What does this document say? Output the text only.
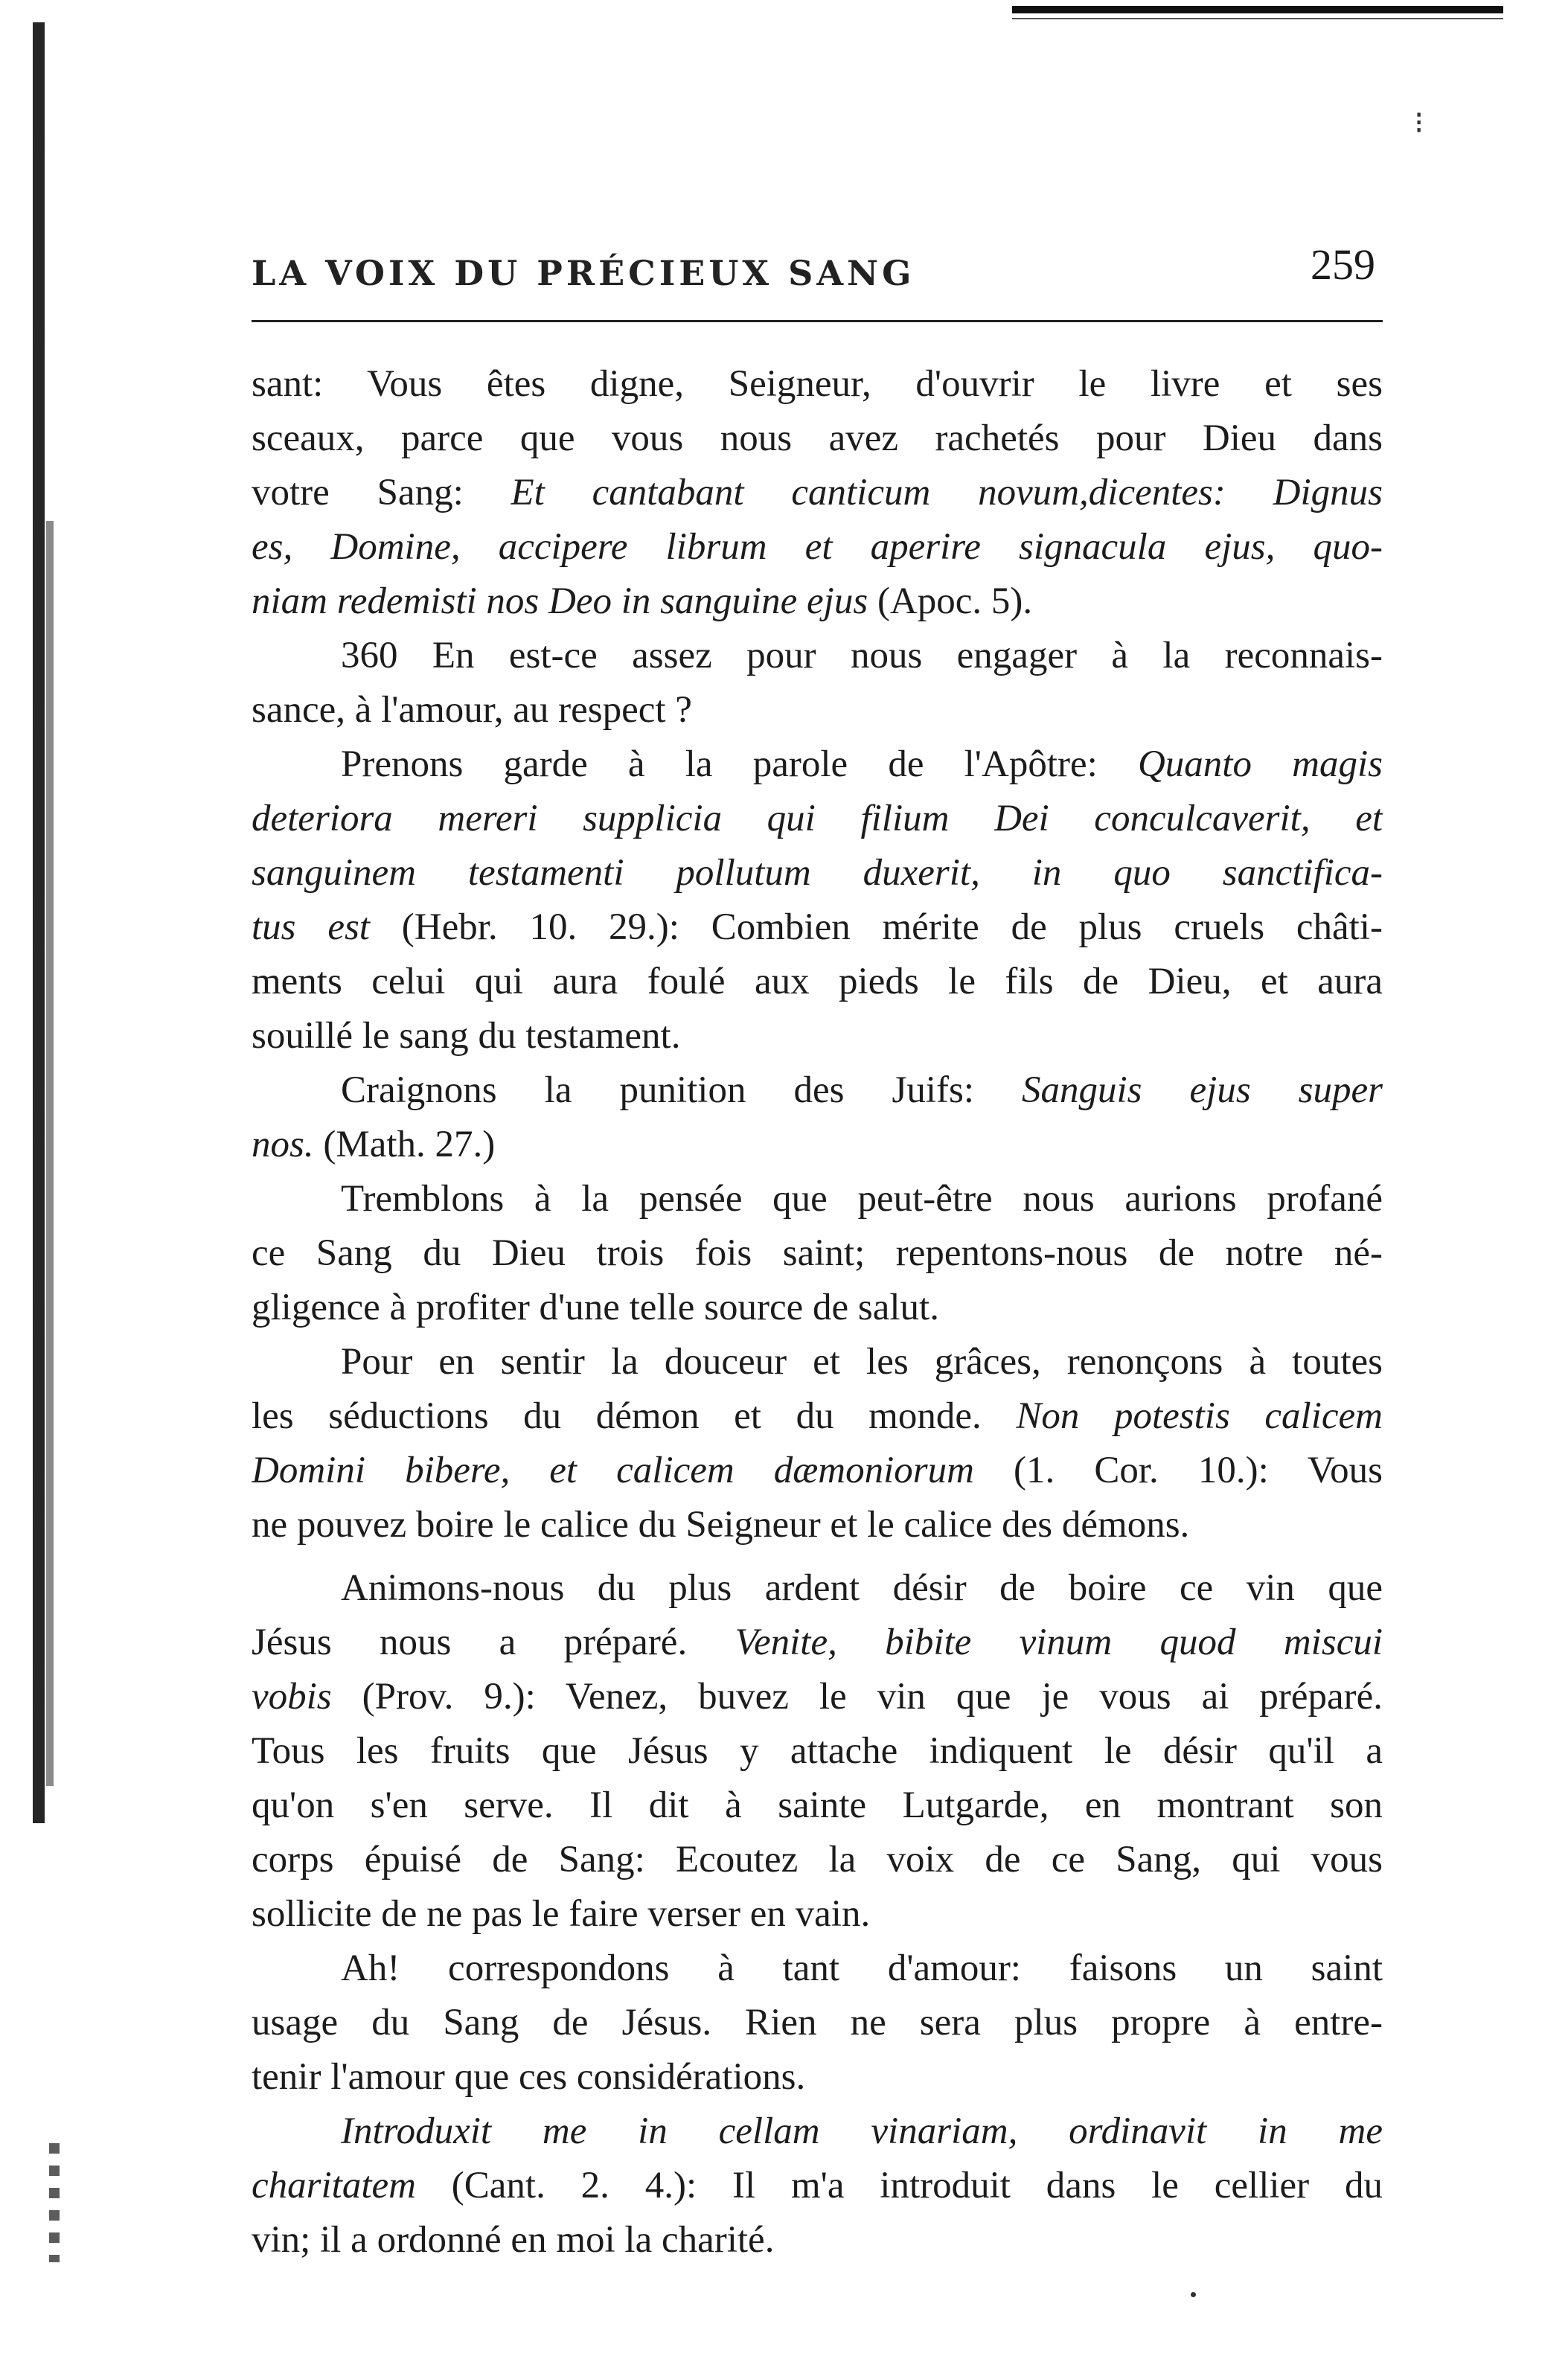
⁝
LA VOIX DU PRÉCIEUX SANG	259
sant: Vous êtes digne, Seigneur, d'ouvrir le livre et ses
sceaux, parce que vous nous avez rachetés pour Dieu dans
votre Sang: Et cantabant canticum novum,dicentes: Dignus
es, Domine, accipere librum et aperire signacula ejus, quo-
niam redemisti nos Deo in sanguine ejus (Apoc. 5).
360 En est-ce assez pour nous engager à la reconnais-
sance, à l'amour, au respect ?
Prenons garde à la parole de l'Apôtre: Quanto magis
deteriora mereri supplicia qui filium Dei conculcaverit, et
sanguinem testamenti pollutum duxerit, in quo sanctifica-
tus est (Hebr. 10. 29.): Combien mérite de plus cruels châti-
ments celui qui aura foulé aux pieds le fils de Dieu, et aura
souillé le sang du testament.
Craignons la punition des Juifs: Sanguis ejus super
nos. (Math. 27.)
Tremblons à la pensée que peut-être nous aurions profané
ce Sang du Dieu trois fois saint; repentons-nous de notre né-
gligence à profiter d'une telle source de salut.
Pour en sentir la douceur et les grâces, renonçons à toutes
les séductions du démon et du monde. Non potestis calicem
Domini bibere, et calicem dæmoniorum (1. Cor. 10.): Vous
ne pouvez boire le calice du Seigneur et le calice des démons.
Animons-nous du plus ardent désir de boire ce vin que
Jésus nous a préparé. Venite, bibite vinum quod miscui
vobis (Prov. 9.): Venez, buvez le vin que je vous ai préparé.
Tous les fruits que Jésus y attache indiquent le désir qu'il a
qu'on s'en serve. Il dit à sainte Lutgarde, en montrant son
corps épuisé de Sang: Ecoutez la voix de ce Sang, qui vous
sollicite de ne pas le faire verser en vain.
Ah! correspondons à tant d'amour: faisons un saint
usage du Sang de Jésus. Rien ne sera plus propre à entre-
tenir l'amour que ces considérations.
Introduxit me in cellam vinariam, ordinavit in me
charitatem (Cant. 2. 4.): Il m'a introduit dans le cellier du
vin; il a ordonné en moi la charité.
